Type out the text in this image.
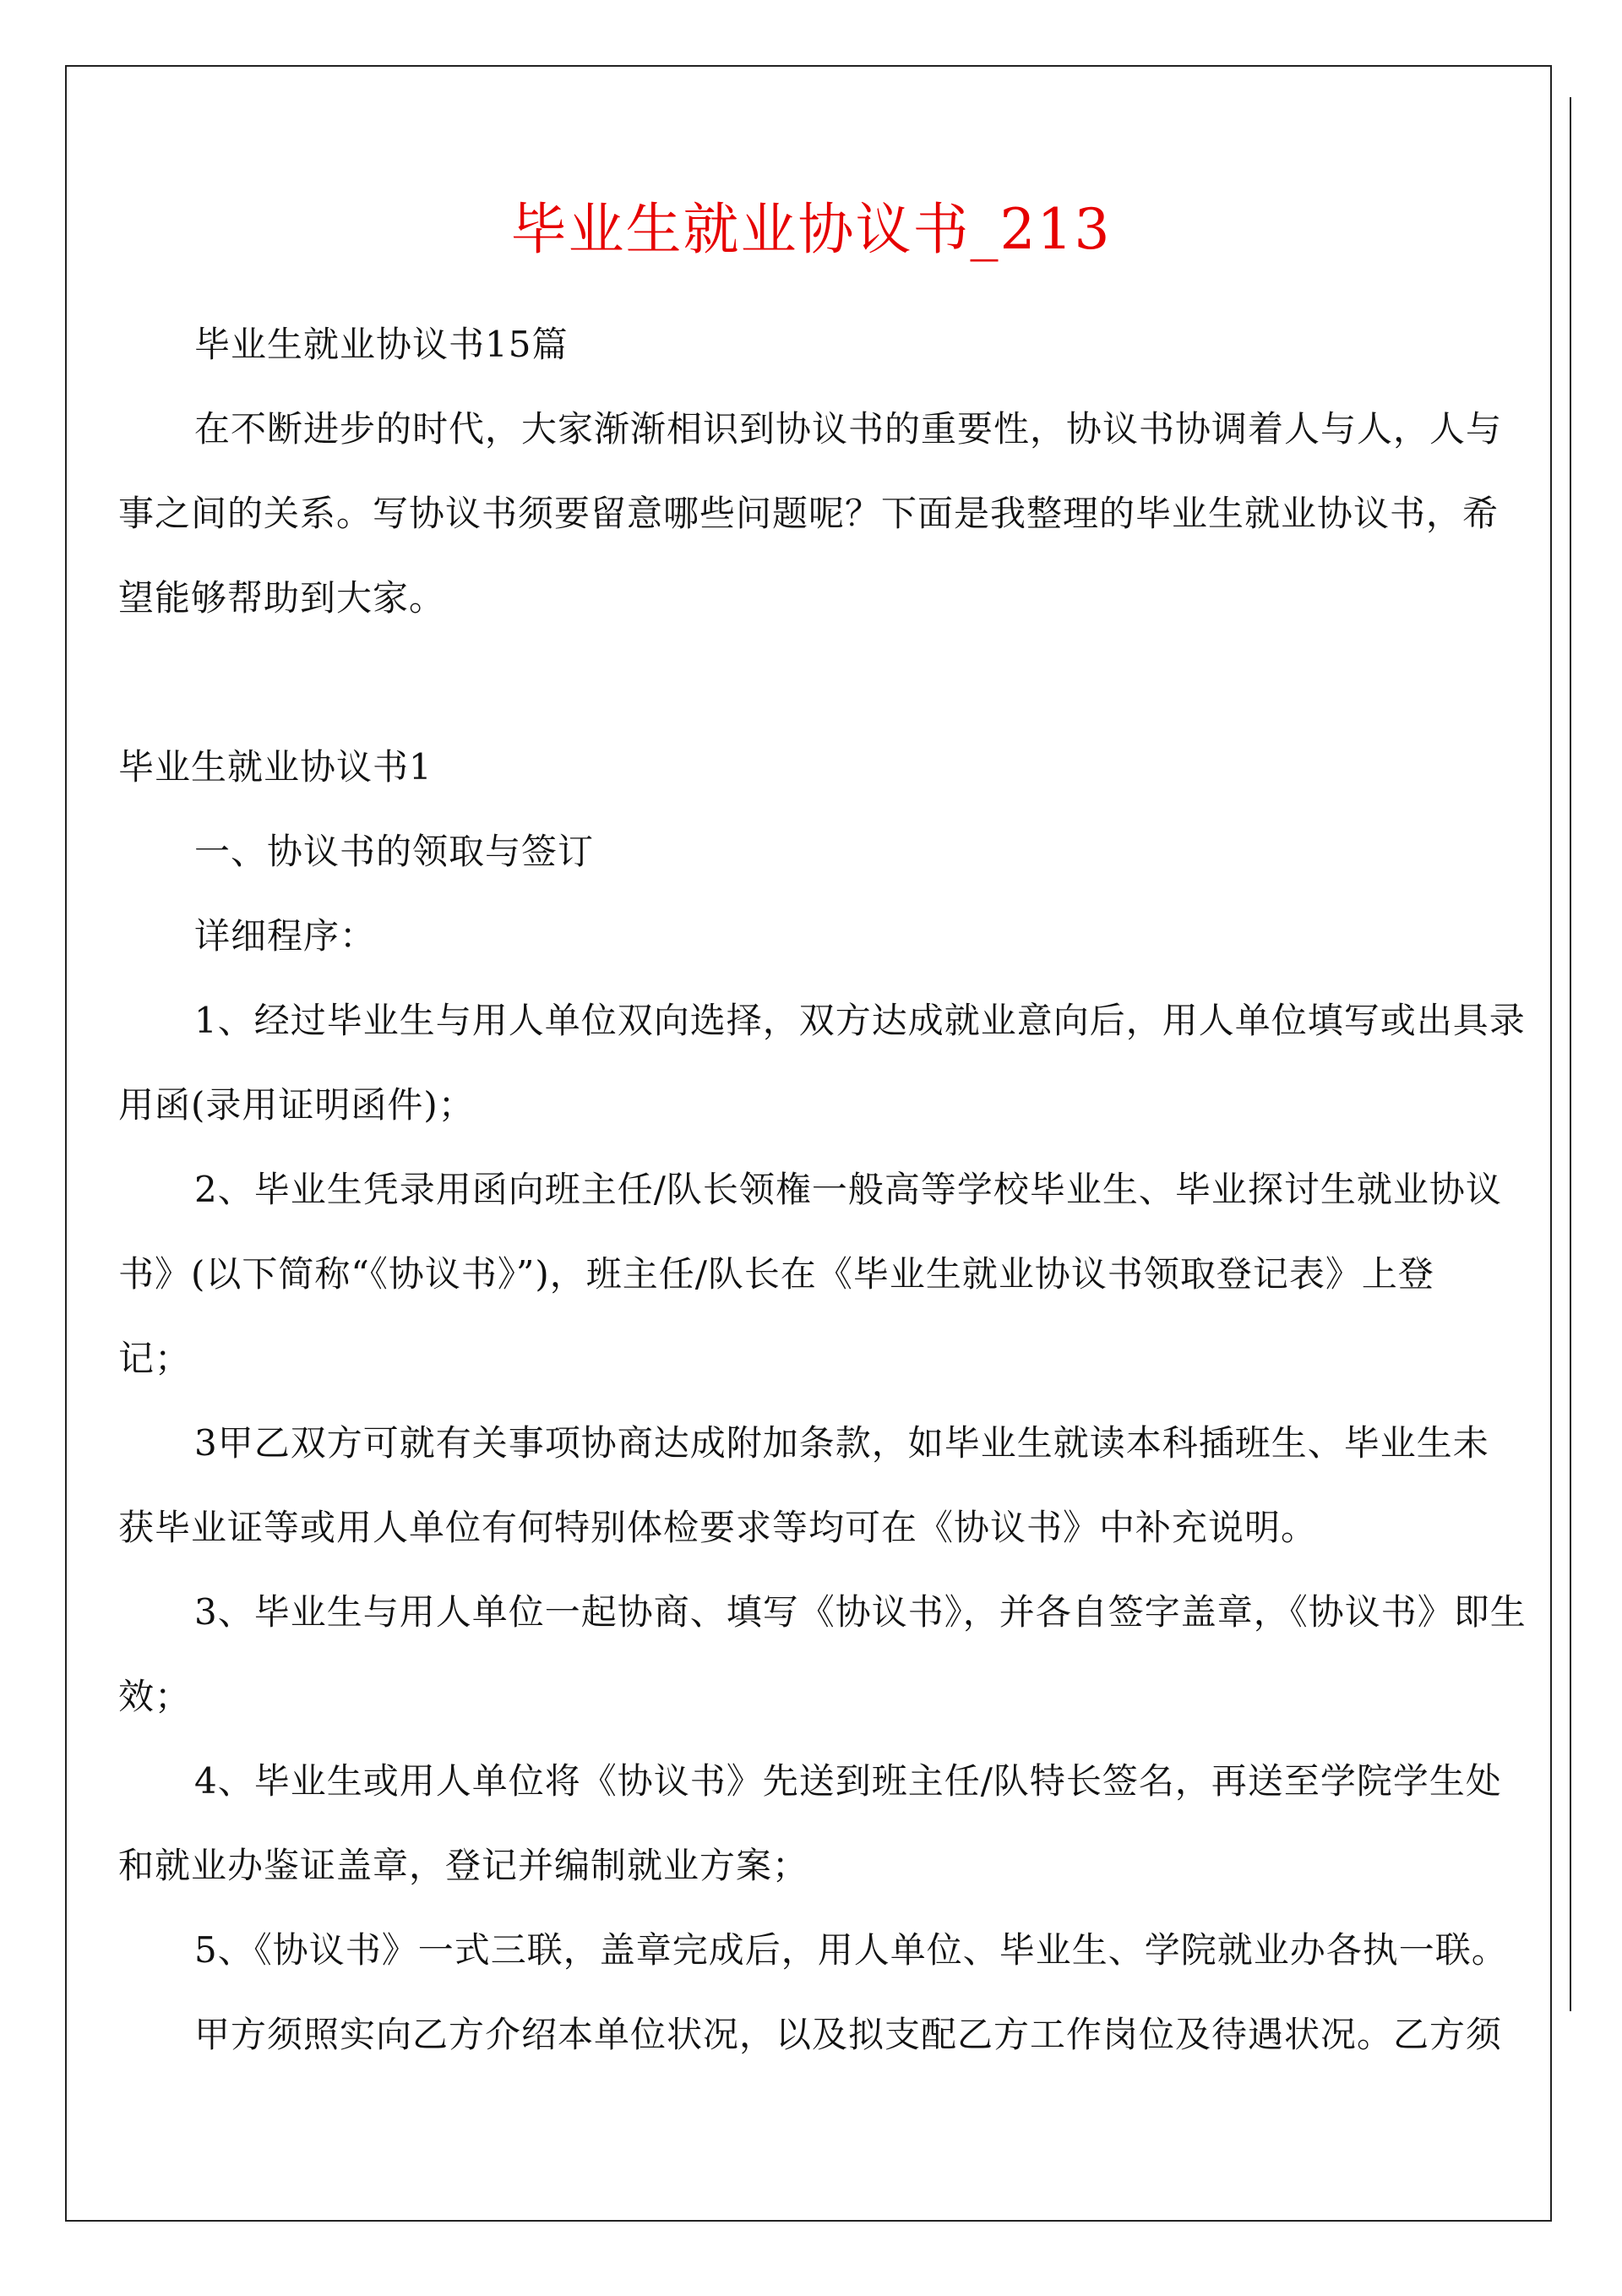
毕业生就业协议书_213
毕业生就业协议书15篇
在不断进步的时代，大家渐渐相识到协议书的重要性，协议书协调着人与人，人与
事之间的关系。写协议书须要留意哪些问题呢？下面是我整理的毕业生就业协议书，希
望能够帮助到大家。
毕业生就业协议书1
一、协议书的领取与签订
详细程序：
1、经过毕业生与用人单位双向选择，双方达成就业意向后，用人单位填写或出具录
用函(录用证明函件)；
2、毕业生凭录用函向班主任/队长领権一般高等学校毕业生、毕业探讨生就业协议
书》(以下简称“《协议书》”)，班主任/队长在《毕业生就业协议书领取登记表》上登
记；
3甲乙双方可就有关事项协商达成附加条款，如毕业生就读本科插班生、毕业生未
获毕业证等或用人单位有何特别体检要求等均可在《协议书》中补充说明。
3、毕业生与用人单位一起协商、填写《协议书》，并各自签字盖章，《协议书》即生
效；
4、毕业生或用人单位将《协议书》先送到班主任/队特长签名，再送至学院学生处
和就业办鉴证盖章，登记并编制就业方案；
5、《协议书》一式三联，盖章完成后，用人单位、毕业生、学院就业办各执一联。
甲方须照实向乙方介绍本单位状况，以及拟支配乙方工作岗位及待遇状况。乙方须
